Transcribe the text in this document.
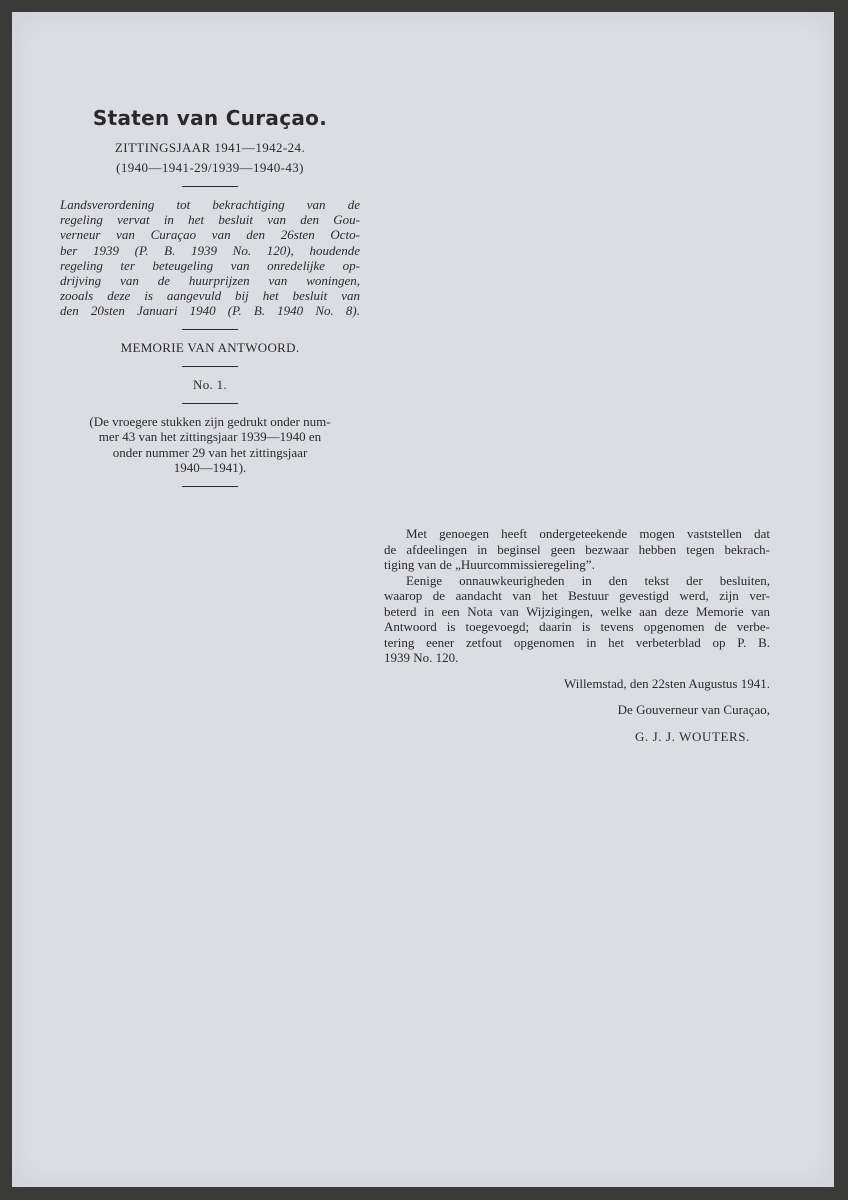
Staten van Curaçao.

ZITTINGSJAAR 1941—1942-24.

(1940—1941-29/1939—1940-43)

Landsverordening tot bekrachtiging van de
regeling vervat in het besluit van den Gou-
verneur van Curaçao van den 26sten Octo-
ber 1939 (P. B. 1939 No. 120), houdende
regeling ter beteugeling van onredelijke op-
drijving van de huurprijzen van woningen,
zooals deze is aangevuld bij het besluit van
den 20sten Januari 1940 (P. B. 1940 No. 8).

MEMORIE VAN ANTWOORD.

No. 1.

(De vroegere stukken zijn gedrukt onder num-
mer 43 van het zittingsjaar 1939—1940 en
onder nummer 29 van het zittingsjaar
1940—1941).

Met genoegen heeft ondergeteekende mogen vaststellen dat
de afdeelingen in beginsel geen bezwaar hebben tegen bekrach-
tiging van de „Huurcommissieregeling”.
Eenige onnauwkeurigheden in den tekst der besluiten,
waarop de aandacht van het Bestuur gevestigd werd, zijn ver-
beterd in een Nota van Wijzigingen, welke aan deze Memorie van
Antwoord is toegevoegd; daarin is tevens opgenomen de verbe-
tering eener zetfout opgenomen in het verbeterblad op P. B.
1939 No. 120.

Willemstad, den 22sten Augustus 1941.

De Gouverneur van Curaçao,

G. J. J. WOUTERS.
